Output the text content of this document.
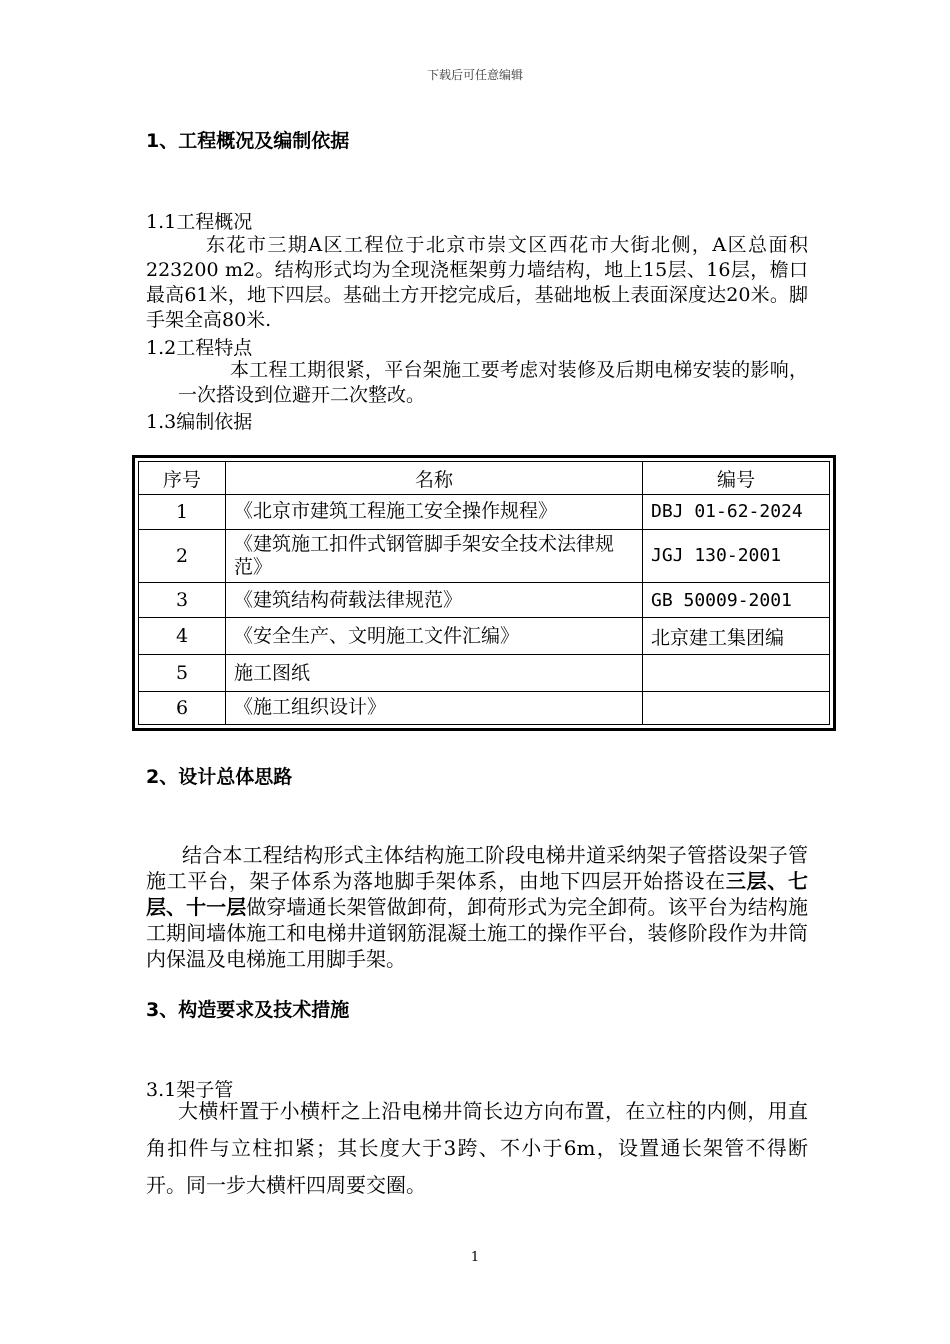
下载后可任意编辑
1、工程概况及编制依据
1.1工程概况
东花市三期A区工程位于北京市崇文区西花市大街北侧，A区总面积223200 m2。结构形式均为全现浇框架剪力墙结构，地上15层、16层，檐口最高61米，地下四层。基础土方开挖完成后，基础地板上表面深度达20米。脚手架全高80米.
1.2工程特点
本工程工期很紧，平台架施工要考虑对装修及后期电梯安装的影响，一次搭设到位避开二次整改。
1.3编制依据
序号	名称	编号
1	《北京市建筑工程施工安全操作规程》	DBJ 01-62-2024
2	《建筑施工扣件式钢管脚手架安全技术法律规范》	JGJ 130-2001
3	《建筑结构荷载法律规范》	GB 50009-2001
4	《安全生产、文明施工文件汇编》	北京建工集团编
5	施工图纸	
6	《施工组织设计》	
2、设计总体思路
结合本工程结构形式主体结构施工阶段电梯井道采纳架子管搭设架子管施工平台，架子体系为落地脚手架体系，由地下四层开始搭设在三层、七层、十一层做穿墙通长架管做卸荷，卸荷形式为完全卸荷。该平台为结构施工期间墙体施工和电梯井道钢筋混凝土施工的操作平台，装修阶段作为井筒内保温及电梯施工用脚手架。
3、构造要求及技术措施
3.1架子管
大横杆置于小横杆之上沿电梯井筒长边方向布置，在立柱的内侧，用直角扣件与立柱扣紧；其长度大于3跨、不小于6m，设置通长架管不得断开。同一步大横杆四周要交圈。
1
